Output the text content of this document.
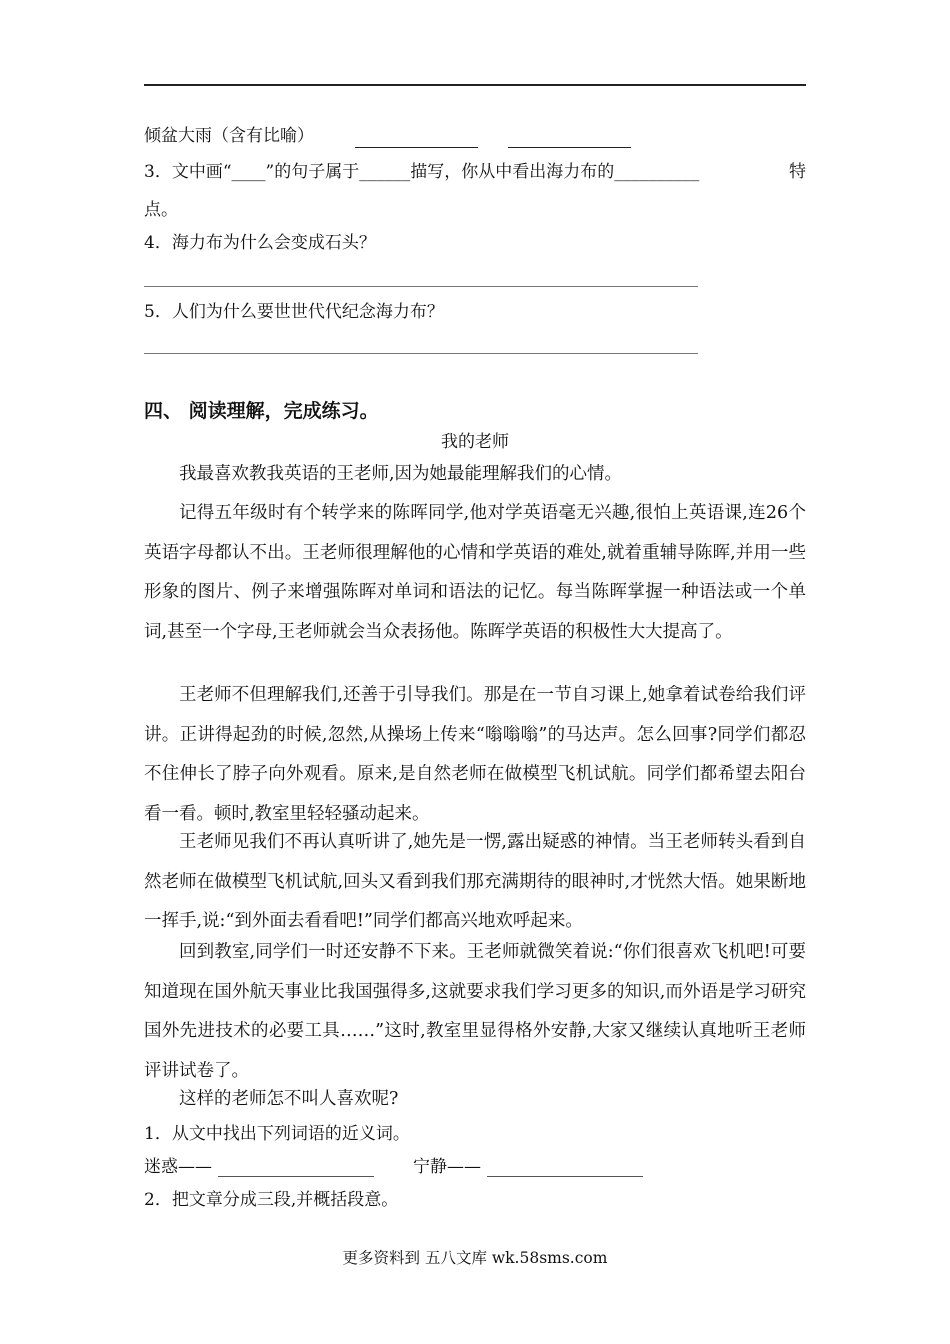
倾盆大雨（含有比喻）
3．文中画“____”的句子属于______描写，你从中看出海力布的__________	特
点。
4．海力布为什么会变成石头？
5．人们为什么要世世代代纪念海力布？
四、 阅读理解，完成练习。
我的老师
我最喜欢教我英语的王老师,因为她最能理解我们的心情。
记得五年级时有个转学来的陈晖同学,他对学英语毫无兴趣,很怕上英语课,连26个英语字母都认不出。王老师很理解他的心情和学英语的难处,就着重辅导陈晖,并用一些形象的图片、例子来增强陈晖对单词和语法的记忆。每当陈晖掌握一种语法或一个单词,甚至一个字母,王老师就会当众表扬他。陈晖学英语的积极性大大提高了。
王老师不但理解我们,还善于引导我们。那是在一节自习课上,她拿着试卷给我们评讲。正讲得起劲的时候,忽然,从操场上传来“嗡嗡嗡”的马达声。怎么回事?同学们都忍不住伸长了脖子向外观看。原来,是自然老师在做模型飞机试航。同学们都希望去阳台看一看。顿时,教室里轻轻骚动起来。
王老师见我们不再认真听讲了,她先是一愣,露出疑惑的神情。当王老师转头看到自然老师在做模型飞机试航,回头又看到我们那充满期待的眼神时,才恍然大悟。她果断地一挥手,说:“到外面去看看吧!”同学们都高兴地欢呼起来。
回到教室,同学们一时还安静不下来。王老师就微笑着说:“你们很喜欢飞机吧!可要知道现在国外航天事业比我国强得多,这就要求我们学习更多的知识,而外语是学习研究国外先进技术的必要工具……”这时,教室里显得格外安静,大家又继续认真地听王老师评讲试卷了。
这样的老师怎不叫人喜欢呢?
1．从文中找出下列词语的近义词。
迷惑——	宁静——
2．把文章分成三段,并概括段意。
更多资料到 五八文库 wk.58sms.com
